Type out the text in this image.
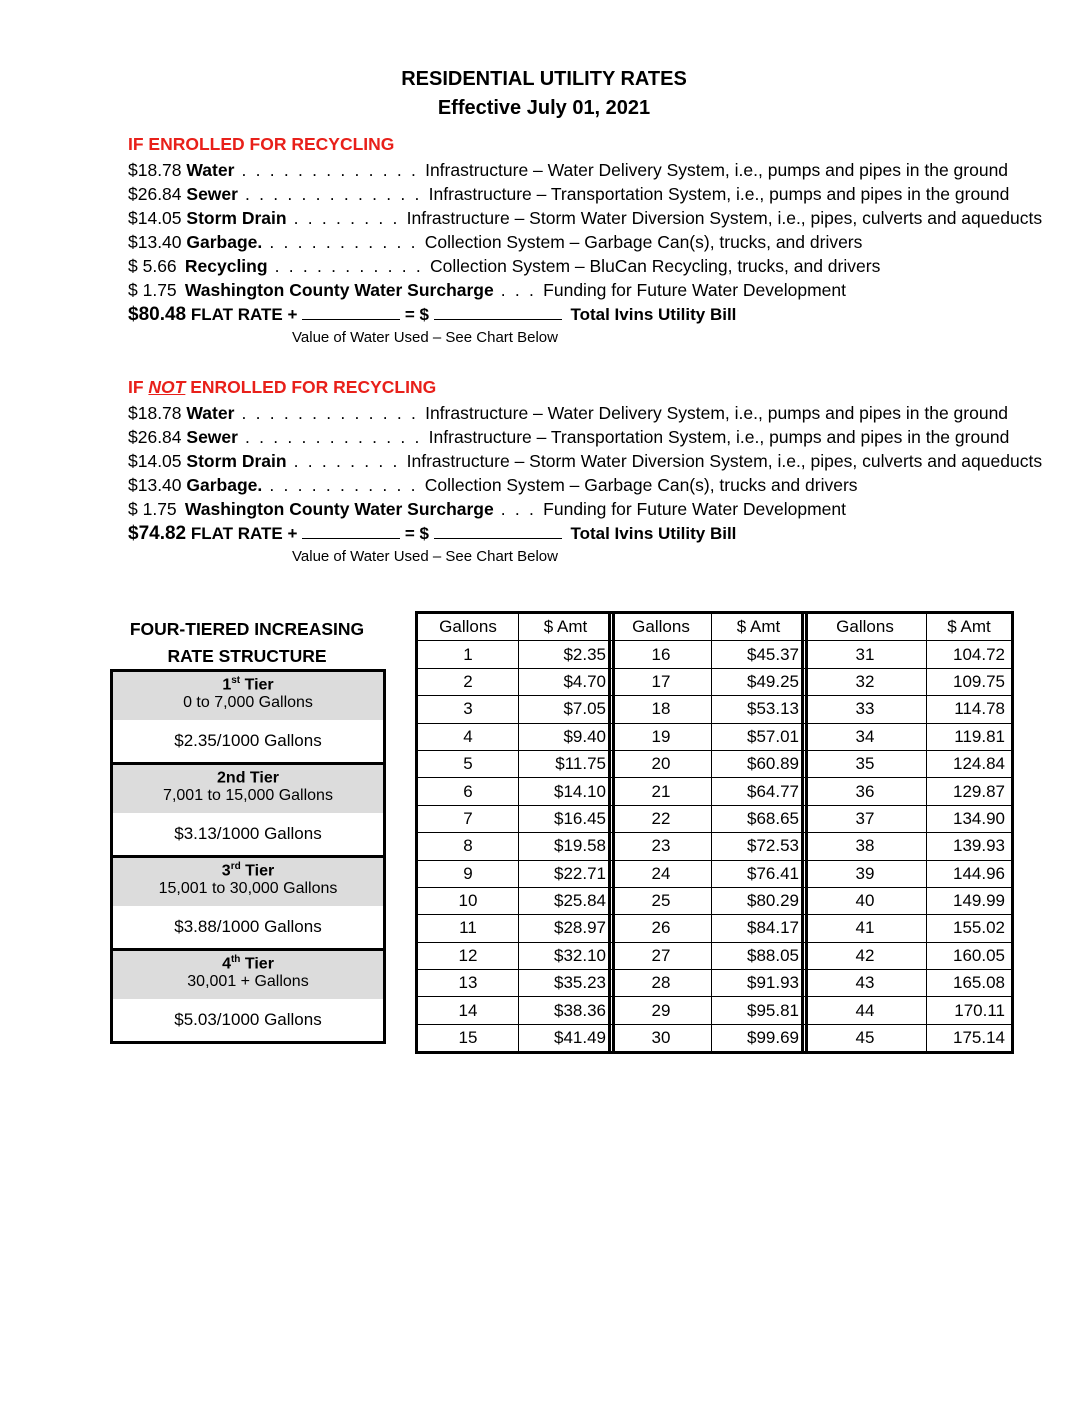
RESIDENTIAL UTILITY RATES
Effective July 01, 2021
IF ENROLLED FOR RECYCLING
$18.78 Water . . . . . . . . . . . . . Infrastructure – Water Delivery System, i.e., pumps and pipes in the ground
$26.84 Sewer . . . . . . . . . . . . . Infrastructure – Transportation System, i.e., pumps and pipes in the ground
$14.05 Storm Drain . . . . . . . . Infrastructure – Storm Water Diversion System, i.e., pipes, culverts and aqueducts
$13.40 Garbage. . . . . . . . . . . . Collection System – Garbage Can(s), trucks, and drivers
$ 5.66 Recycling . . . . . . . . . . . Collection System – BluCan Recycling, trucks, and drivers
$ 1.75 Washington County Water Surcharge . . . Funding for Future Water Development
$80.48 FLAT RATE +	= $	Total Ivins Utility Bill
Value of Water Used – See Chart Below
IF NOT ENROLLED FOR RECYCLING
$18.78 Water . . . . . . . . . . . . . Infrastructure – Water Delivery System, i.e., pumps and pipes in the ground
$26.84 Sewer . . . . . . . . . . . . . Infrastructure – Transportation System, i.e., pumps and pipes in the ground
$14.05 Storm Drain . . . . . . . . Infrastructure – Storm Water Diversion System, i.e., pipes, culverts and aqueducts
$13.40 Garbage. . . . . . . . . . . . Collection System – Garbage Can(s), trucks and drivers
$ 1.75 Washington County Water Surcharge . . . Funding for Future Water Development
$74.82 FLAT RATE +	= $	Total Ivins Utility Bill
Value of Water Used – See Chart Below
FOUR-TIERED INCREASING
RATE STRUCTURE
1st Tier
0 to 7,000 Gallons
$2.35/1000 Gallons
2nd Tier
7,001 to 15,000 Gallons
$3.13/1000 Gallons
3rd Tier
15,001 to 30,000 Gallons
$3.88/1000 Gallons
4th Tier
30,001 + Gallons
$5.03/1000 Gallons
Gallons	$ Amt
1	$2.35
2	$4.70
3	$7.05
4	$9.40
5	$11.75
6	$14.10
7	$16.45
8	$19.58
9	$22.71
10	$25.84
11	$28.97
12	$32.10
13	$35.23
14	$38.36
15	$41.49
Gallons	$ Amt
16	$45.37
17	$49.25
18	$53.13
19	$57.01
20	$60.89
21	$64.77
22	$68.65
23	$72.53
24	$76.41
25	$80.29
26	$84.17
27	$88.05
28	$91.93
29	$95.81
30	$99.69
Gallons	$ Amt
31	104.72
32	109.75
33	114.78
34	119.81
35	124.84
36	129.87
37	134.90
38	139.93
39	144.96
40	149.99
41	155.02
42	160.05
43	165.08
44	170.11
45	175.14
